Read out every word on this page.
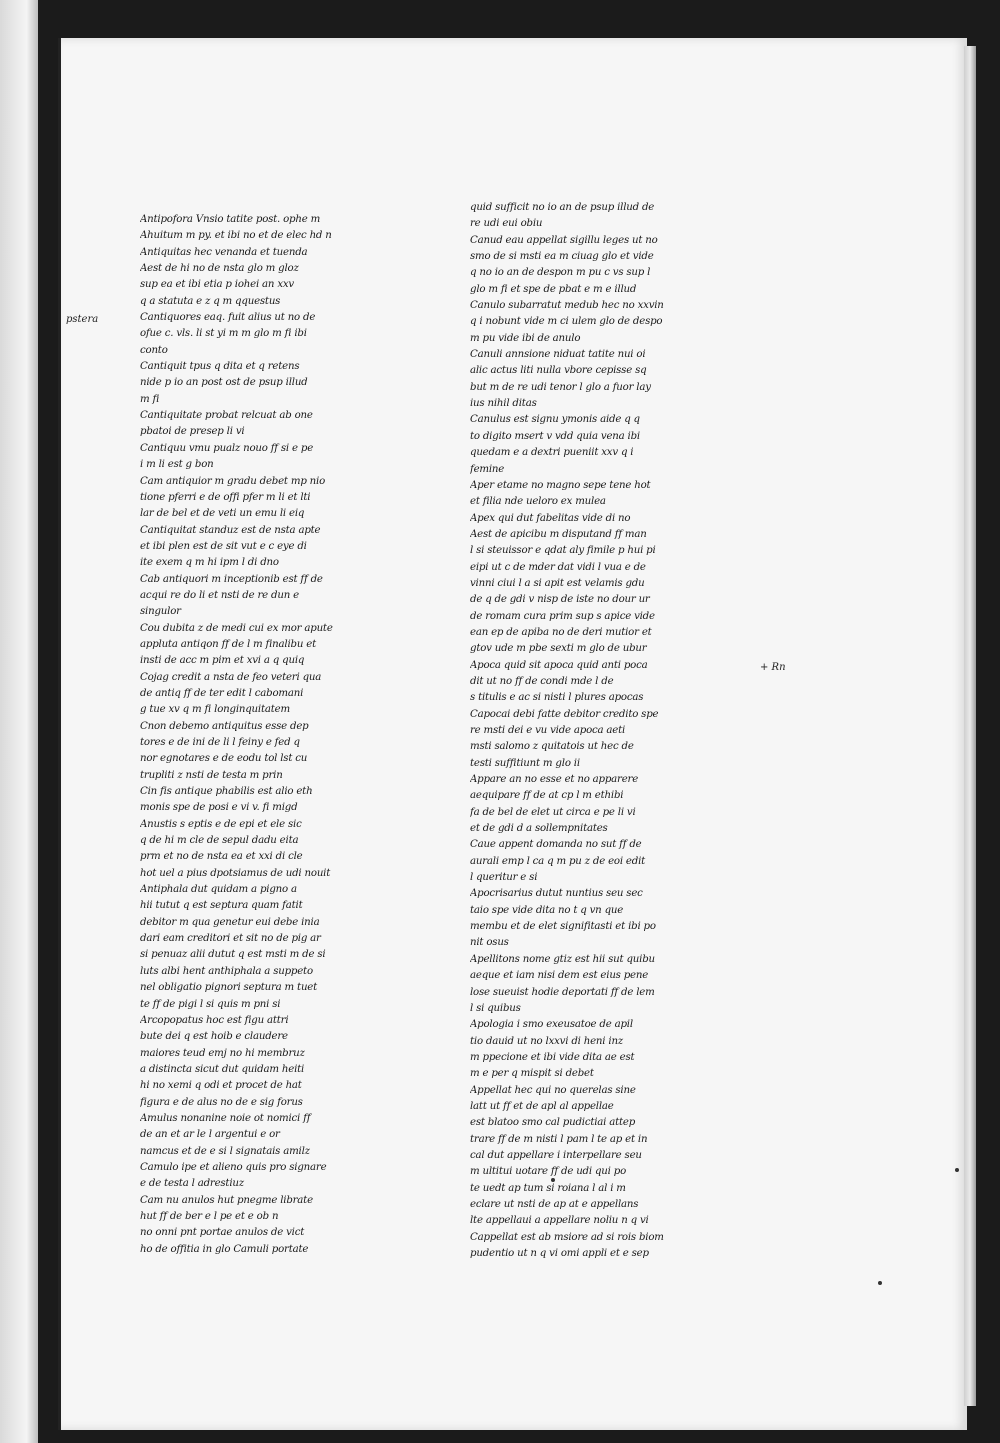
pstera
+ Rn
Antipofora Vnsio tatite post. ophe m
Ahuitum m py. et ibi no et de elec hd n
Antiquitas hec venanda et tuenda
Aest de hi no de nsta glo m gloz
sup ea et ibi etia p iohei an xxv
q a statuta e z q m qquestus
Cantiquores eaq. fuit alius ut no de
ofue c. vls. li st yi m m glo m fi ibi
conto
Cantiquit tpus q dita et q retens
nide p io an post ost de psup illud
m fi
Cantiquitate probat relcuat ab one
pbatoi de presep li vi
Cantiquu vmu pualz nouo ff si e pe
i m li est g bon
Cam antiquior m gradu debet mp nio
tione pferri e de offi pfer m li et lti
lar de bel et de veti un emu li eiq
Cantiquitat standuz est de nsta apte
et ibi plen est de sit vut e c eye di
ite exem q m hi ipm l di dno
Cab antiquori m inceptionib est ff de
acqui re do li et nsti de re dun e
singulor
Cou dubita z de medi cui ex mor apute
appluta antiqon ff de l m finalibu et
insti de acc m pim et xvi a q quiq
Cojag credit a nsta de feo veteri qua
de antiq ff de ter edit l cabomani
g tue xv q m fi longinquitatem
Cnon debemo antiquitus esse dep
tores e de ini de li l feiny e fed q
nor egnotares e de eodu tol lst cu
trupliti z nsti de testa m prin
Cin fis antique phabilis est alio eth
monis spe de posi e vi v. fi migd
Anustis s eptis e de epi et ele sic
q de hi m cle de sepul dadu eita
prm et no de nsta ea et xxi di cle
hot uel a pius dpotsiamus de udi nouit
Antiphala dut quidam a pigno a
hii tutut q est septura quam fatit
debitor m qua genetur eui debe inia
dari eam creditori et sit no de pig ar
si penuaz alii dutut q est msti m de si
luts albi hent anthiphala a suppeto
nel obligatio pignori septura m tuet
te ff de pigi l si quis m pni si
Arcopopatus hoc est figu attri
bute dei q est hoib e claudere
maiores teud emj no hi membruz
a distincta sicut dut quidam heiti
hi no xemi q odi et procet de hat
figura e de alus no de e sig forus
Amulus nonanine noie ot nomici ff
de an et ar le l argentui e or
namcus et de e si l signatais amilz
Camulo ipe et alieno quis pro signare
e de testa l adrestiuz
Cam nu anulos hut pnegme librate
hut ff de ber e l pe et e ob n
no onni pnt portae anulos de vict
ho de offitia in glo Camuli portate
quid sufficit no io an de psup illud de
re udi eui obiu
Canud eau appellat sigillu leges ut no
smo de si msti ea m ciuag glo et vide
q no io an de despon m pu c vs sup l
glo m fi et spe de pbat e m e illud
Canulo subarratut medub hec no xxvin
q i nobunt vide m ci ulem glo de despo
m pu vide ibi de anulo
Canuli annsione niduat tatite nui oi
alic actus liti nulla vbore cepisse sq
but m de re udi tenor l glo a fuor lay
ius nihil ditas
Canulus est signu ymonis aide q q
to digito msert v vdd quia vena ibi
quedam e a dextri pueniit xxv q i
femine
Aper etame no magno sepe tene hot
et filia nde ueloro ex mulea
Apex qui dut fabelitas vide di no
Aest de apicibu m disputand ff man
l si steuissor e qdat aly fimile p hui pi
eipi ut c de mder dat vidi l vua e de
vinni ciui l a si apit est velamis gdu
de q de gdi v nisp de iste no dour ur
de romam cura prim sup s apice vide
ean ep de apiba no de deri mutior et
gtov ude m pbe sexti m glo de ubur
Apoca quid sit apoca quid anti poca
dit ut no ff de condi mde l de
s titulis e ac si nisti l plures apocas
Capocai debi fatte debitor credito spe
re msti dei e vu vide apoca aeti
msti salomo z quitatois ut hec de
testi suffitiunt m glo ii
Appare an no esse et no apparere
aequipare ff de at cp l m ethibi
fa de bel de elet ut circa e pe li vi
et de gdi d a sollempnitates
Caue appent domanda no sut ff de
aurali emp l ca q m pu z de eoi edit
l queritur e si
Apocrisarius dutut nuntius seu sec
taio spe vide dita no t q vn que
membu et de elet signifitasti et ibi po
nit osus
Apellitons nome gtiz est hii sut quibu
aeque et iam nisi dem est eius pene
lose sueuist hodie deportati ff de lem
l si quibus
Apologia i smo exeusatoe de apil
tio dauid ut no lxxvi di heni inz
m ppecione et ibi vide dita ae est
m e per q mispit si debet
Appellat hec qui no querelas sine
latt ut ff et de apl al appellae
est blatoo smo cal pudictiai attep
trare ff de m nisti l pam l te ap et in
cal dut appellare i interpellare seu
m ultitui uotare ff de udi qui po
te uedt ap tum si roiana l al i m
eclare ut nsti de ap at e appellans
lte appellaui a appellare noliu n q vi
Cappellat est ab msiore ad si rois biom
pudentio ut n q vi omi appli et e sep
